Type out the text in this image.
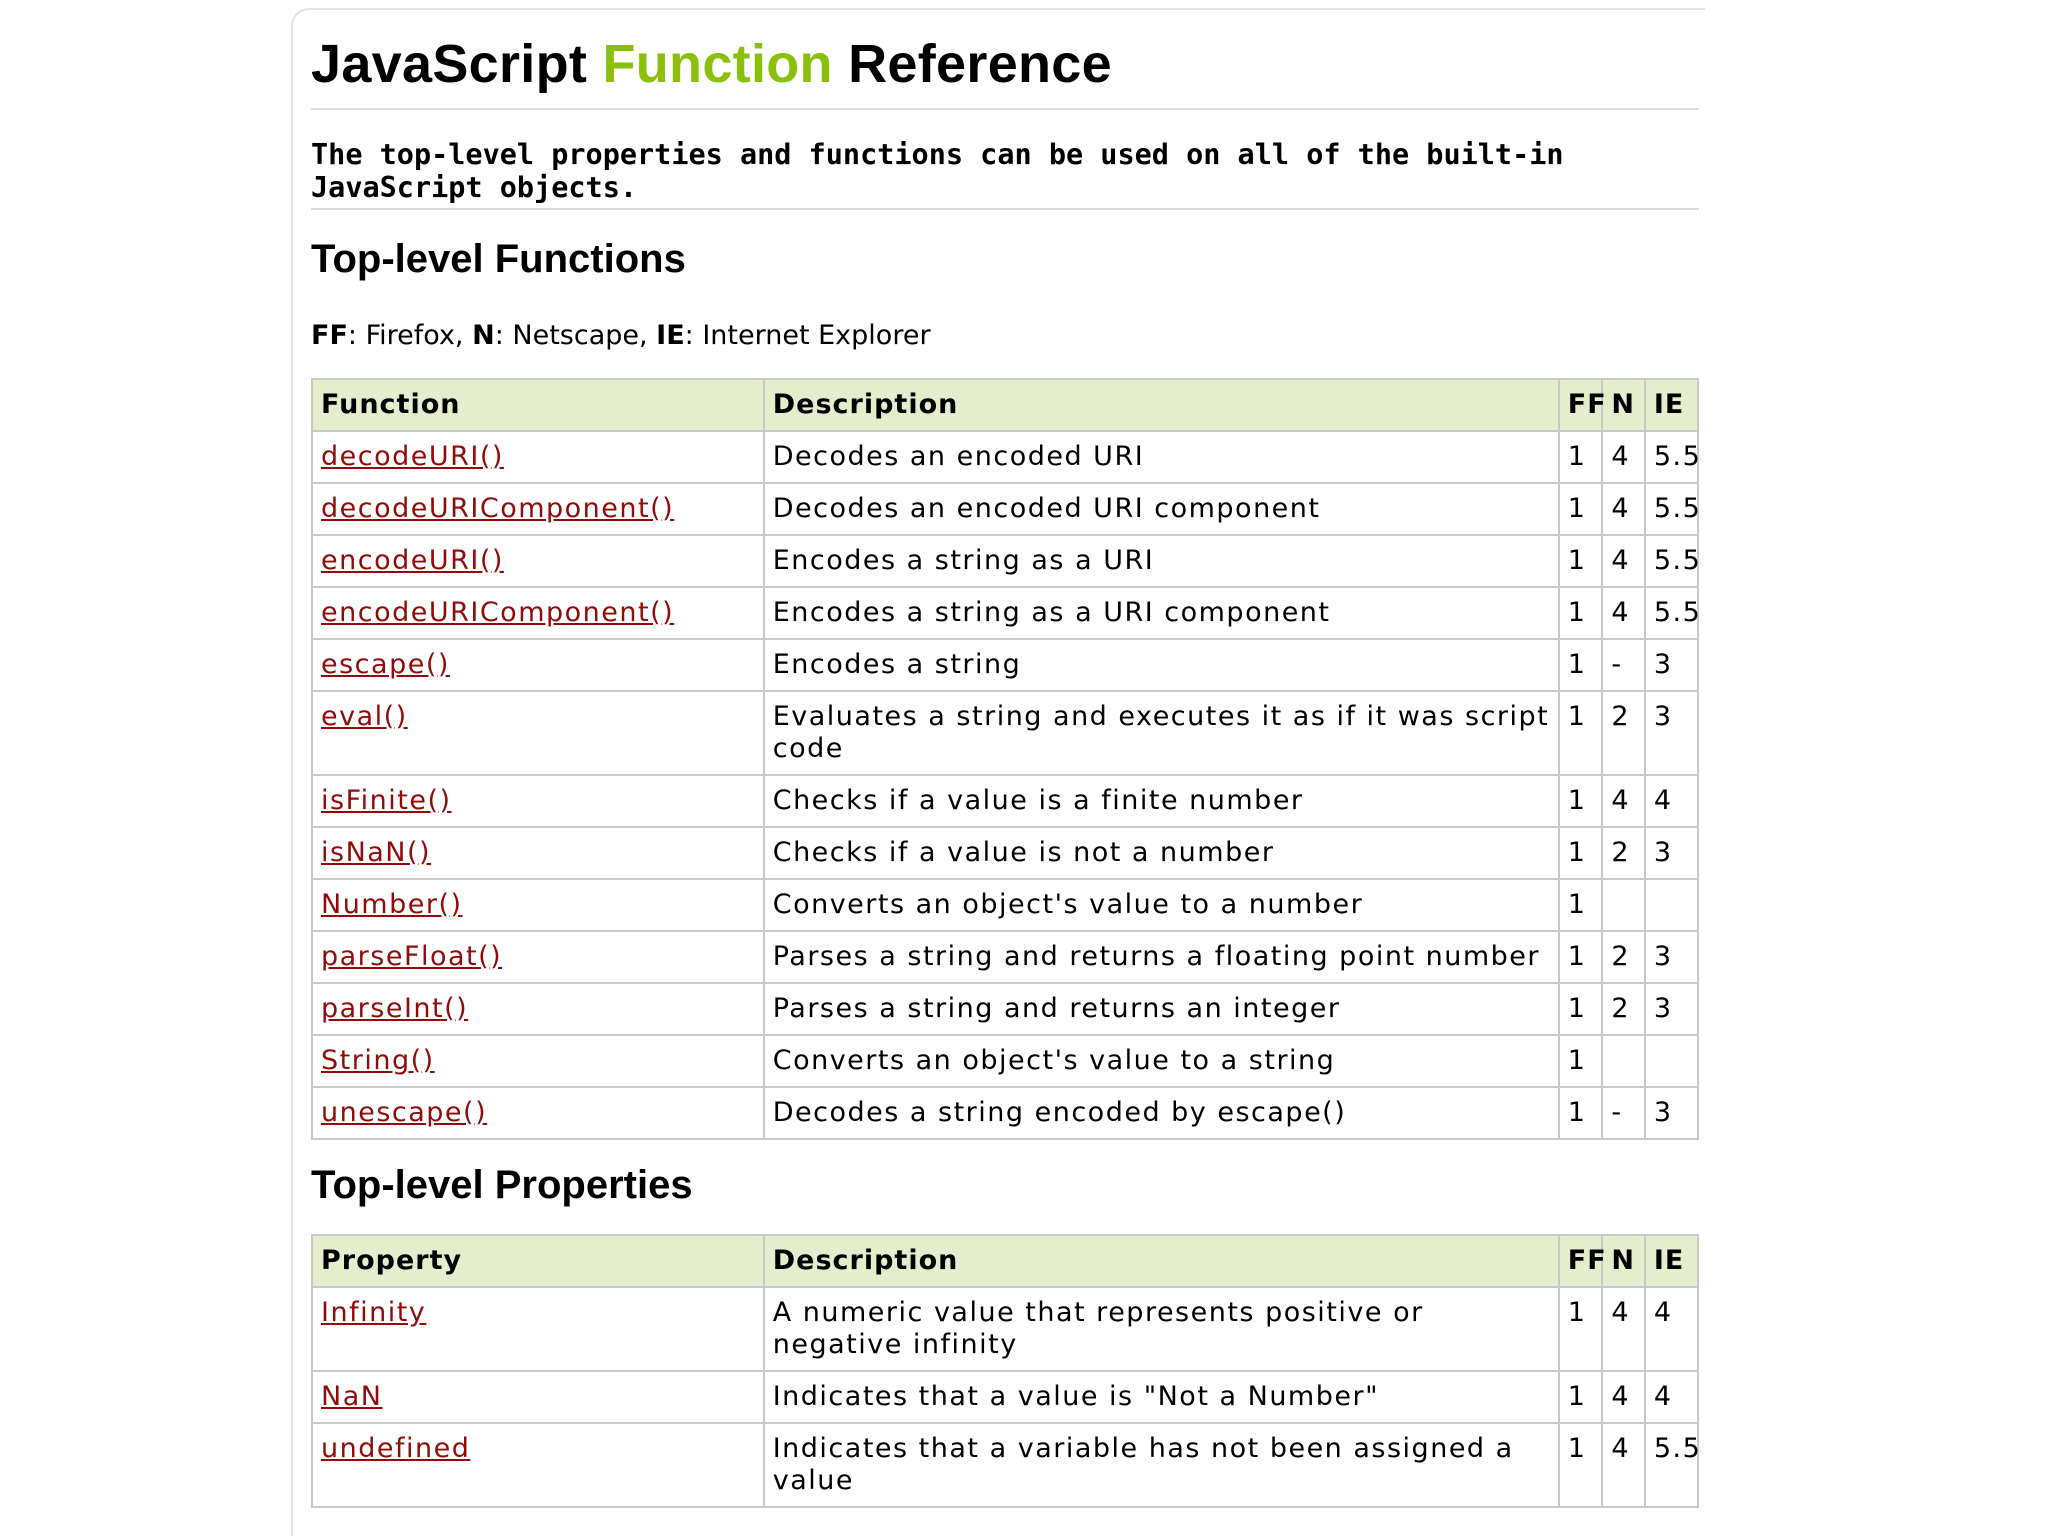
JavaScript Function Reference

The top-level properties and functions can be used on all of the built-in JavaScript objects.

Top-level Functions
FF: Firefox, N: Netscape, IE: Internet Explorer
Function	Description	FF	N	IE
decodeURI()	Decodes an encoded URI	1	4	5.5
decodeURIComponent()	Decodes an encoded URI component	1	4	5.5
encodeURI()	Encodes a string as a URI	1	4	5.5
encodeURIComponent()	Encodes a string as a URI component	1	4	5.5
escape()	Encodes a string	1	-	3
eval()	Evaluates a string and executes it as if it was script code	1	2	3
isFinite()	Checks if a value is a finite number	1	4	4
isNaN()	Checks if a value is not a number	1	2	3
Number()	Converts an object's value to a number	1		
parseFloat()	Parses a string and returns a floating point number	1	2	3
parseInt()	Parses a string and returns an integer	1	2	3
String()	Converts an object's value to a string	1		
unescape()	Decodes a string encoded by escape()	1	-	3
Top-level Properties
Property	Description	FF	N	IE
Infinity	A numeric value that represents positive or negative infinity	1	4	4
NaN	Indicates that a value is "Not a Number"	1	4	4
undefined	Indicates that a variable has not been assigned a value	1	4	5.5
